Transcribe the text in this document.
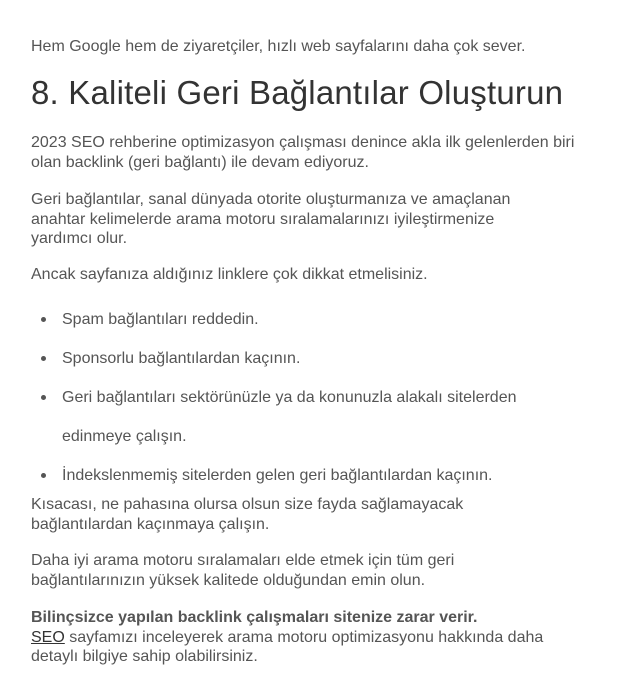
Hem Google hem de ziyaretçiler, hızlı web sayfalarını daha çok sever.

8. Kaliteli Geri Bağlantılar Oluşturun

2023 SEO rehberine optimizasyon çalışması denince akla ilk gelenlerden biri olan backlink (geri bağlantı) ile devam ediyoruz.

Geri bağlantılar, sanal dünyada otorite oluşturmanıza ve amaçlanan anahtar kelimelerde arama motoru sıralamalarınızı iyileştirmenize yardımcı olur.

Ancak sayfanıza aldığınız linklere çok dikkat etmelisiniz.

Spam bağlantıları reddedin.
Sponsorlu bağlantılardan kaçının.
Geri bağlantıları sektörünüzle ya da konunuzla alakalı sitelerden
edinmeye çalışın.
İndekslenmemiş sitelerden gelen geri bağlantılardan kaçının.

Kısacası, ne pahasına olursa olsun size fayda sağlamayacak bağlantılardan kaçınmaya çalışın.

Daha iyi arama motoru sıralamaları elde etmek için tüm geri bağlantılarınızın yüksek kalitede olduğundan emin olun.

Bilinçsizce yapılan backlink çalışmaları sitenize zarar verir.
SEO sayfamızı inceleyerek arama motoru optimizasyonu hakkında daha detaylı bilgiye sahip olabilirsiniz.
